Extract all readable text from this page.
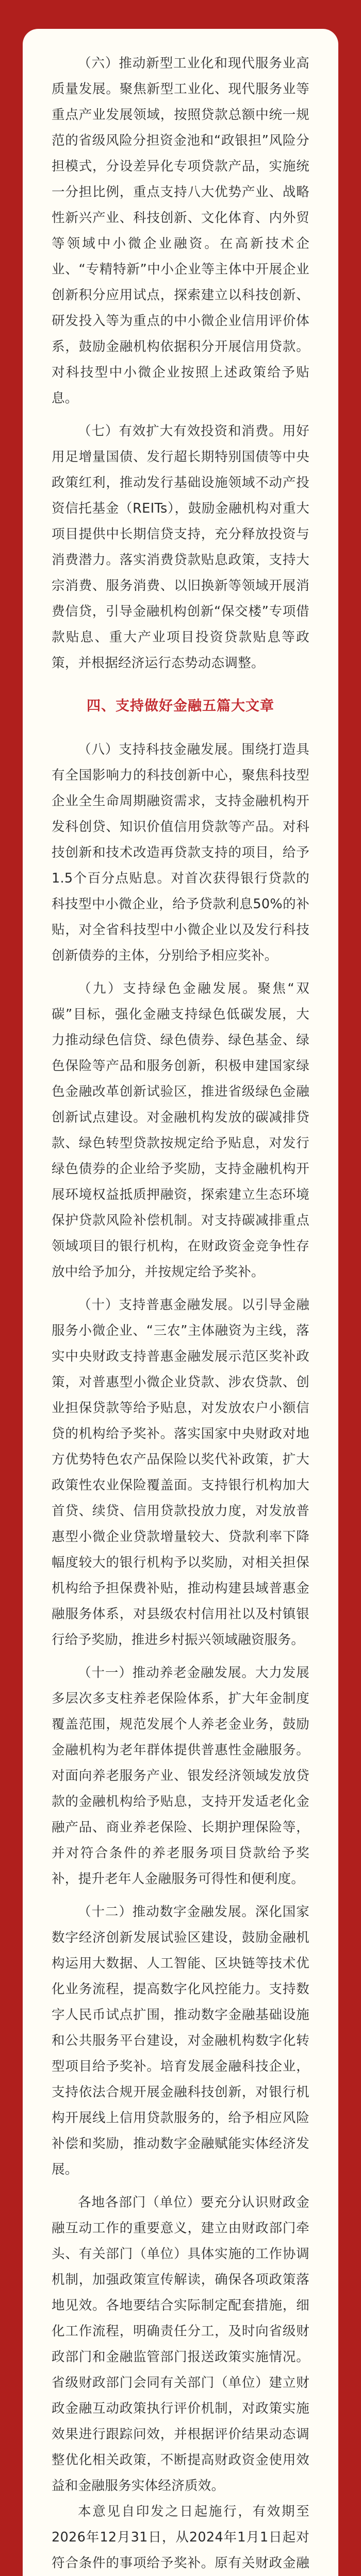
（六）推动新型工业化和现代服务业高质量发展。聚焦新型工业化、现代服务业等重点产业发展领域，按照贷款总额中统一规范的省级风险分担资金池和“政银担”风险分担模式，分设差异化专项贷款产品，实施统一分担比例，重点支持八大优势产业、战略性新兴产业、科技创新、文化体育、内外贸等领域中小微企业融资。在高新技术企业、“专精特新”中小企业等主体中开展企业创新积分应用试点，探索建立以科技创新、研发投入等为重点的中小微企业信用评价体系，鼓励金融机构依据积分开展信用贷款。对科技型中小微企业按照上述政策给予贴息。

（七）有效扩大有效投资和消费。用好用足增量国债、发行超长期特别国债等中央政策红利，推动发行基础设施领域不动产投资信托基金（REITs），鼓励金融机构对重大项目提供中长期信贷支持，充分释放投资与消费潜力。落实消费贷款贴息政策，支持大宗消费、服务消费、以旧换新等领域开展消费信贷，引导金融机构创新“保交楼”专项借款贴息、重大产业项目投资贷款贴息等政策，并根据经济运行态势动态调整。

四、支持做好金融五篇大文章

（八）支持科技金融发展。围绕打造具有全国影响力的科技创新中心，聚焦科技型企业全生命周期融资需求，支持金融机构开发科创贷、知识价值信用贷款等产品。对科技创新和技术改造再贷款支持的项目，给予1.5个百分点贴息。对首次获得银行贷款的科技型中小微企业，给予贷款利息50%的补贴，对全省科技型中小微企业以及发行科技创新债券的主体，分别给予相应奖补。

（九）支持绿色金融发展。聚焦“双碳”目标，强化金融支持绿色低碳发展，大力推动绿色信贷、绿色债券、绿色基金、绿色保险等产品和服务创新，积极申建国家绿色金融改革创新试验区，推进省级绿色金融创新试点建设。对金融机构发放的碳减排贷款、绿色转型贷款按规定给予贴息，对发行绿色债券的企业给予奖励，支持金融机构开展环境权益抵质押融资，探索建立生态环境保护贷款风险补偿机制。对支持碳减排重点领域项目的银行机构，在财政资金竞争性存放中给予加分，并按规定给予奖补。

（十）支持普惠金融发展。以引导金融服务小微企业、“三农”主体融资为主线，落实中央财政支持普惠金融发展示范区奖补政策，对普惠型小微企业贷款、涉农贷款、创业担保贷款等给予贴息，对发放农户小额信贷的机构给予奖补。落实国家中央财政对地方优势特色农产品保险以奖代补政策，扩大政策性农业保险覆盖面。支持银行机构加大首贷、续贷、信用贷款投放力度，对发放普惠型小微企业贷款增量较大、贷款利率下降幅度较大的银行机构予以奖励，对相关担保机构给予担保费补贴，推动构建县域普惠金融服务体系，对县级农村信用社以及村镇银行给予奖励，推进乡村振兴领域融资服务。

（十一）推动养老金融发展。大力发展多层次多支柱养老保险体系，扩大年金制度覆盖范围，规范发展个人养老金业务，鼓励金融机构为老年群体提供普惠性金融服务。对面向养老服务产业、银发经济领域发放贷款的金融机构给予贴息，支持开发适老化金融产品、商业养老保险、长期护理保险等，并对符合条件的养老服务项目贷款给予奖补，提升老年人金融服务可得性和便利度。

（十二）推动数字金融发展。深化国家数字经济创新发展试验区建设，鼓励金融机构运用大数据、人工智能、区块链等技术优化业务流程，提高数字化风控能力。支持数字人民币试点扩围，推动数字金融基础设施和公共服务平台建设，对金融机构数字化转型项目给予奖补。培育发展金融科技企业，支持依法合规开展金融科技创新，对银行机构开展线上信用贷款服务的，给予相应风险补偿和奖励，推动数字金融赋能实体经济发展。

各地各部门（单位）要充分认识财政金融互动工作的重要意义，建立由财政部门牵头、有关部门（单位）具体实施的工作协调机制，加强政策宣传解读，确保各项政策落地见效。各地要结合实际制定配套措施，细化工作流程，明确责任分工，及时向省级财政部门和金融监管部门报送政策实施情况。省级财政部门会同有关部门（单位）建立财政金融互动政策执行评价机制，对政策实施效果进行跟踪问效，并根据评价结果动态调整优化相关政策，不断提高财政资金使用效益和金融服务实体经济质效。

本意见自印发之日起施行，有效期至2026年12月31日，从2024年1月1日起对符合条件的事项给予奖补。原有关财政金融
